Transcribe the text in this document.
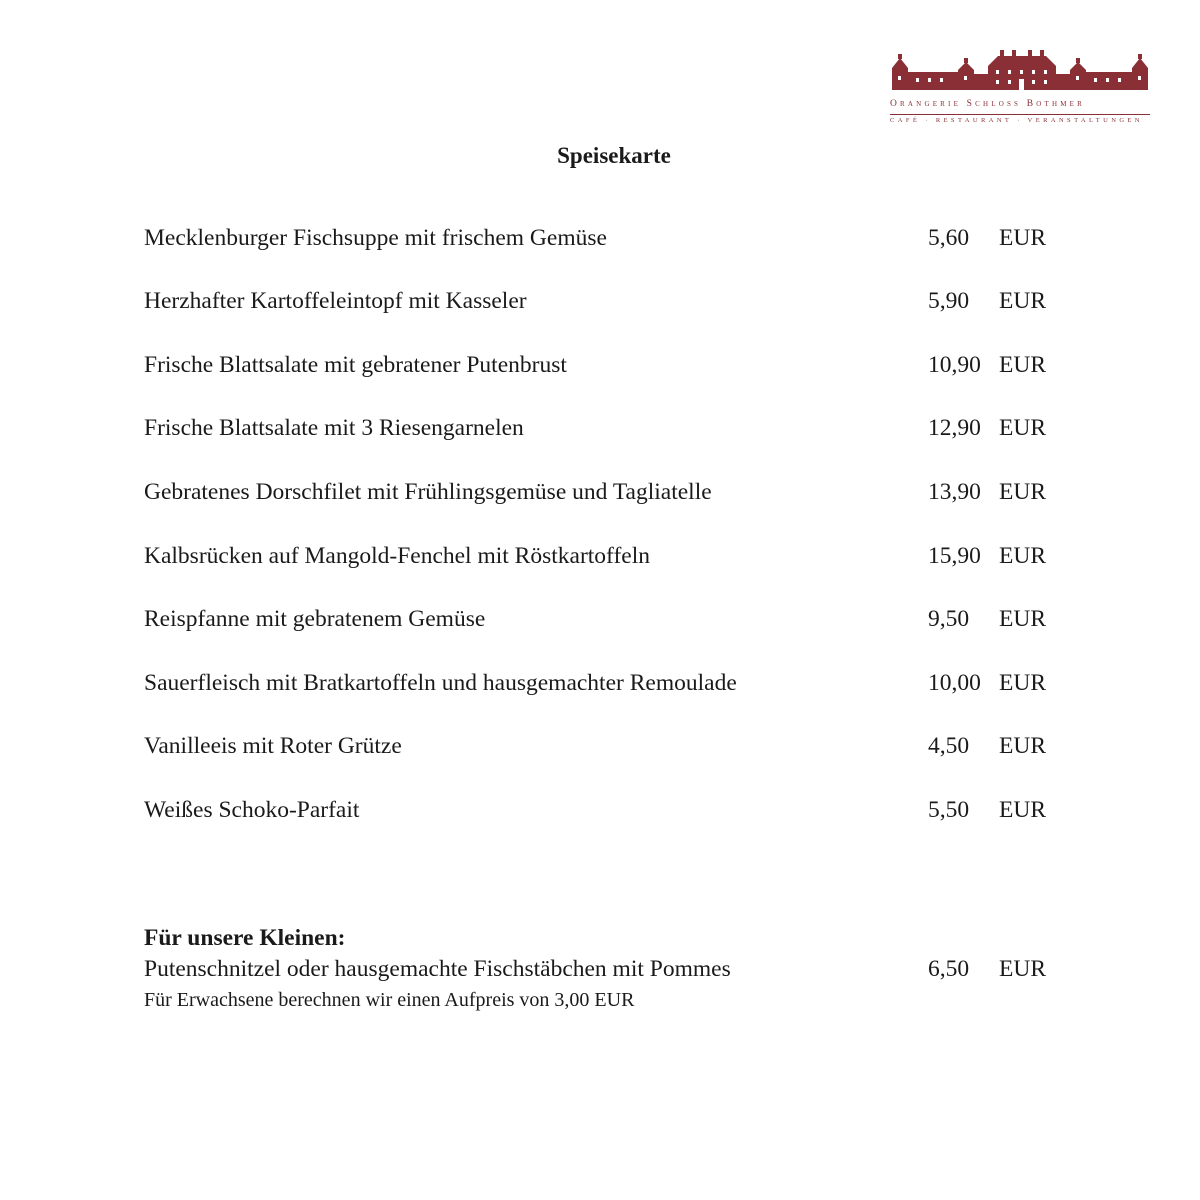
Orangerie Schloss Bothmer
CAFÉ · RESTAURANT · VERANSTALTUNGEN
Speisekarte
Mecklenburger Fischsuppe mit frischem Gemüse	5,60 EUR
Herzhafter Kartoffeleintopf mit Kasseler	5,90 EUR
Frische Blattsalate mit gebratener Putenbrust	10,90 EUR
Frische Blattsalate mit 3 Riesengarnelen	12,90 EUR
Gebratenes Dorschfilet mit Frühlingsgemüse und Tagliatelle	13,90 EUR
Kalbsrücken auf Mangold-Fenchel mit Röstkartoffeln	15,90 EUR
Reispfanne mit gebratenem Gemüse	9,50 EUR
Sauerfleisch mit Bratkartoffeln und hausgemachter Remoulade	10,00 EUR
Vanilleeis mit Roter Grütze	4,50 EUR
Weißes Schoko-Parfait	5,50 EUR
Für unsere Kleinen:
Putenschnitzel oder hausgemachte Fischstäbchen mit Pommes	6,50 EUR
Für Erwachsene berechnen wir einen Aufpreis von 3,00 EUR
